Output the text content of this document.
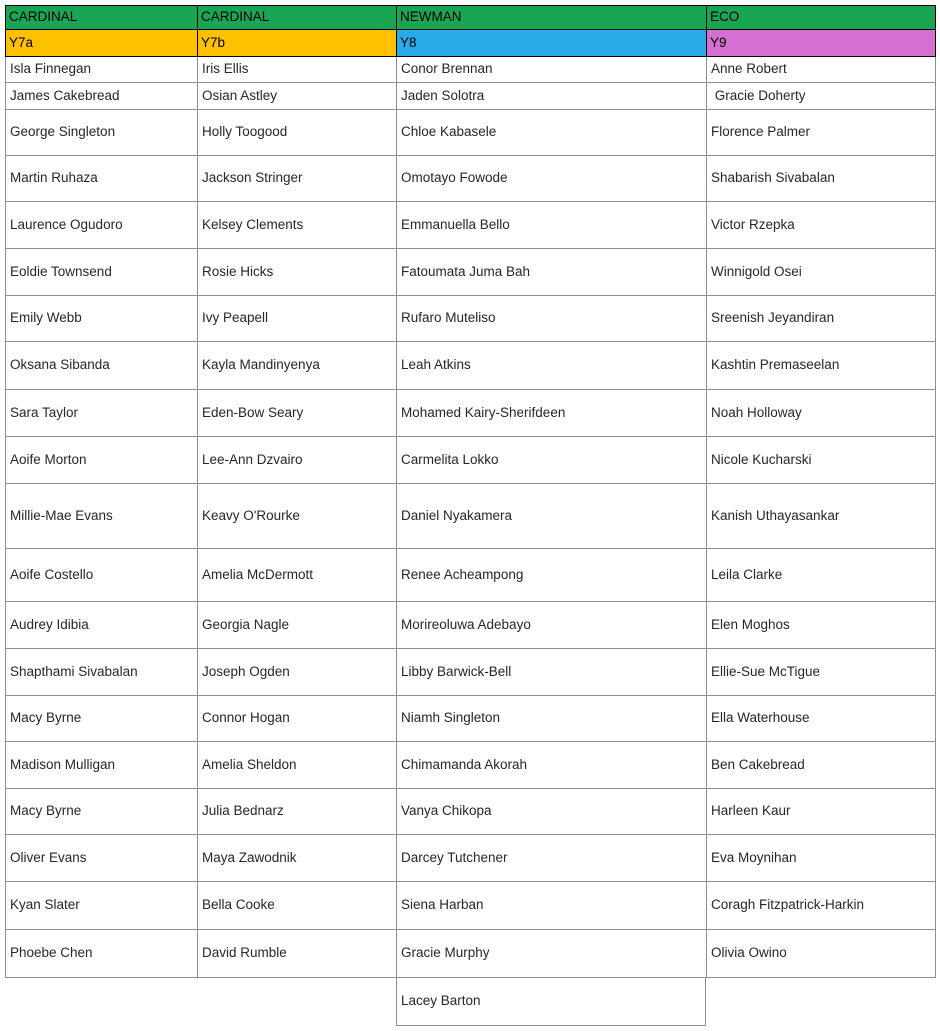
CARDINAL
Y7a
Isla Finnegan
James Cakebread
George Singleton
Martin Ruhaza
Laurence Ogudoro
Eoldie Townsend
Emily Webb
Oksana Sibanda
Sara Taylor
Aoife Morton
Millie-Mae Evans
Aoife Costello
Audrey Idibia
Shapthami Sivabalan
Macy Byrne
Madison Mulligan
Macy Byrne
Oliver Evans
Kyan Slater
Phoebe Chen
CARDINAL
Y7b
Iris Ellis
Osian Astley
Holly Toogood
Jackson Stringer
Kelsey Clements
Rosie Hicks
Ivy Peapell
Kayla Mandinyenya
Eden-Bow Seary
Lee-Ann Dzvairo
Keavy O'Rourke
Amelia McDermott
Georgia Nagle
Joseph Ogden
Connor Hogan
Amelia Sheldon
Julia Bednarz
Maya Zawodnik
Bella Cooke
David Rumble
NEWMAN
Y8
Conor Brennan
Jaden Solotra
Chloe Kabasele
Omotayo Fowode
Emmanuella Bello
Fatoumata Juma Bah
Rufaro Muteliso
Leah Atkins
Mohamed Kairy-Sherifdeen
Carmelita Lokko
Daniel Nyakamera
Renee Acheampong
Morireoluwa Adebayo
Libby Barwick-Bell
Niamh Singleton
Chimamanda Akorah
Vanya Chikopa
Darcey Tutchener
Siena Harban
Gracie Murphy
Lacey Barton
ECO
Y9
Anne Robert
Gracie Doherty
Florence Palmer
Shabarish Sivabalan
Victor Rzepka
Winnigold Osei
Sreenish Jeyandiran
Kashtin Premaseelan
Noah Holloway
Nicole Kucharski
Kanish Uthayasankar
Leila Clarke
Elen Moghos
Ellie-Sue McTigue
Ella Waterhouse
Ben Cakebread
Harleen Kaur
Eva Moynihan
Coragh Fitzpatrick-Harkin
Olivia Owino
